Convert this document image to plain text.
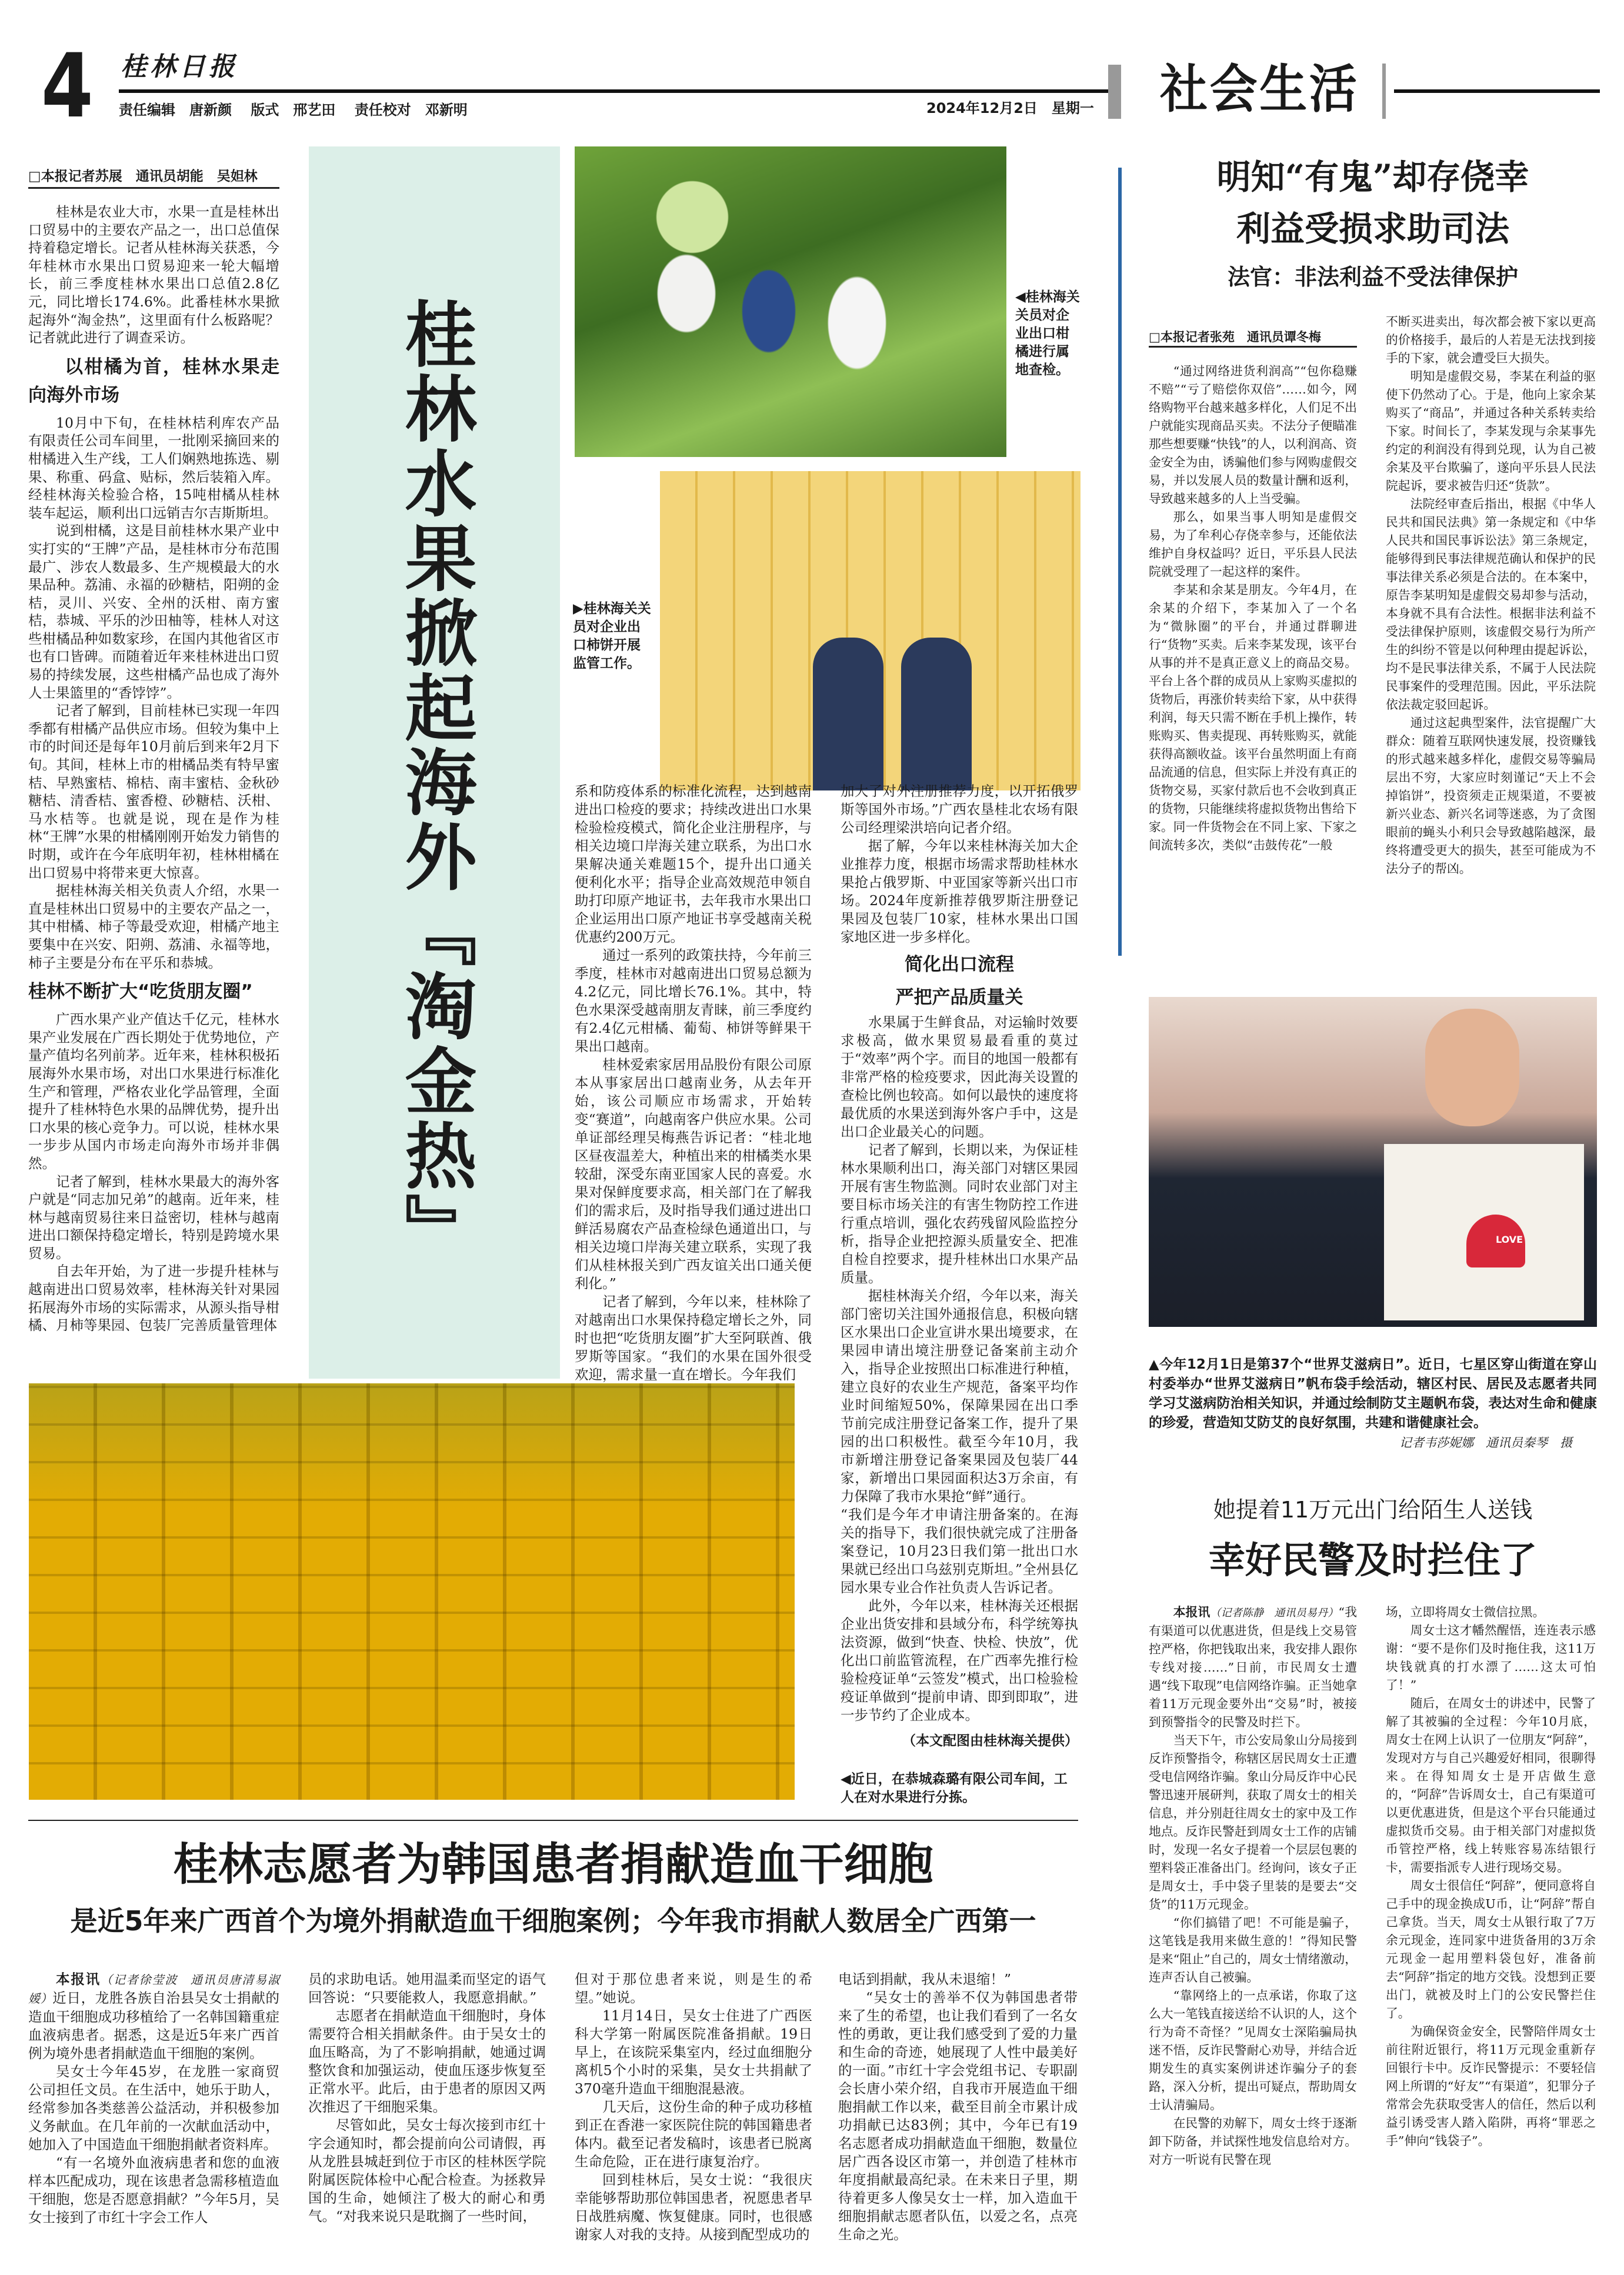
4 桂林日报
责任编辑　唐新颜 版式　邢艺田 责任校对　邓新明	2024年12月2日　星期一 社会生活
□本报记者苏展　通讯员胡能　吴妲林

桂林是农业大市，水果一直是桂林出口贸易中的主要农产品之一，出口总值保持着稳定增长。记者从桂林海关获悉，今年桂林市水果出口贸易迎来一轮大幅增长，前三季度桂林水果出口总值2.8亿元，同比增长174.6%。此番桂林水果掀起海外“淘金热”，这里面有什么板路呢？记者就此进行了调查采访。

以柑橘为首，桂林水果走向海外市场

10月中下旬，在桂林桔利库农产品有限责任公司车间里，一批刚采摘回来的柑橘进入生产线，工人们娴熟地拣选、剔果、称重、码盒、贴标，然后装箱入库。经桂林海关检验合格，15吨柑橘从桂林装车起运，顺利出口远销吉尔吉斯斯坦。

说到柑橘，这是目前桂林水果产业中实打实的“王牌”产品，是桂林市分布范围最广、涉农人数最多、生产规模最大的水果品种。荔浦、永福的砂糖桔，阳朔的金桔，灵川、兴安、全州的沃柑、南方蜜桔，恭城、平乐的沙田柚等，桂林人对这些柑橘品种如数家珍，在国内其他省区市也有口皆碑。而随着近年来桂林进出口贸易的持续发展，这些柑橘产品也成了海外人士果篮里的“香饽饽”。

记者了解到，目前桂林已实现一年四季都有柑橘产品供应市场。但较为集中上市的时间还是每年10月前后到来年2月下旬。其间，桂林上市的柑橘品类有特早蜜桔、早熟蜜桔、棉桔、南丰蜜桔、金秋砂糖桔、清香桔、蜜香橙、砂糖桔、沃柑、马水桔等。也就是说，现在是作为桂林“王牌”水果的柑橘刚刚开始发力销售的时期，或许在今年底明年初，桂林柑橘在出口贸易中将带来更大惊喜。

据桂林海关相关负责人介绍，水果一直是桂林出口贸易中的主要农产品之一，其中柑橘、柿子等最受欢迎，柑橘产地主要集中在兴安、阳朔、荔浦、永福等地，柿子主要是分布在平乐和恭城。

桂林不断扩大“吃货朋友圈”

广西水果产业产值达千亿元，桂林水果产业发展在广西长期处于优势地位，产量产值均名列前茅。近年来，桂林积极拓展海外水果市场，对出口水果进行标准化生产和管理，严格农业化学品管理，全面提升了桂林特色水果的品牌优势，提升出口水果的核心竞争力。可以说，桂林水果一步步从国内市场走向海外市场并非偶然。

记者了解到，桂林水果最大的海外客户就是“同志加兄弟”的越南。近年来，桂林与越南贸易往来日益密切，桂林与越南进出口额保持稳定增长，特别是跨境水果贸易。

自去年开始，为了进一步提升桂林与越南进出口贸易效率，桂林海关针对果园拓展海外市场的实际需求，从源头指导柑橘、月柿等果园、包装厂完善质量管理体

桂林水果掀起海外『淘金热』	◀桂林海关关员对企业出口柑橘进行属地查检。
▶桂林海关关员对企业出口柿饼开展监管工作。

系和防疫体系的标准化流程，达到越南进出口检疫的要求；持续改进出口水果检验检疫模式，简化企业注册程序，与相关边境口岸海关建立联系，为出口水果解决通关难题15个，提升出口通关便利化水平；指导企业高效规范申领自助打印原产地证书，去年我市水果出口企业运用出口原产地证书享受越南关税优惠约200万元。

通过一系列的政策扶持，今年前三季度，桂林市对越南进出口贸易总额为4.2亿元，同比增长76.1%。其中，特色水果深受越南朋友青睐，前三季度约有2.4亿元柑橘、葡萄、柿饼等鲜果干果出口越南。

桂林爱索家居用品股份有限公司原本从事家居出口越南业务，从去年开始，该公司顺应市场需求，开始转变“赛道”，向越南客户供应水果。公司单证部经理吴梅燕告诉记者：“桂北地区昼夜温差大，种植出来的柑橘类水果较甜，深受东南亚国家人民的喜爱。水果对保鲜度要求高，相关部门在了解我们的需求后，及时指导我们通过进出口鲜活易腐农产品查检绿色通道出口，与相关边境口岸海关建立联系，实现了我们从桂林报关到广西友谊关出口通关便利化。”

记者了解到，今年以来，桂林除了对越南出口水果保持稳定增长之外，同时也把“吃货朋友圈”扩大至阿联酋、俄罗斯等国家。“我们的水果在国外很受欢迎，需求量一直在增长。今年我们

加大了对外注册推荐力度，以开拓俄罗斯等国外市场。”广西农垦桂北农场有限公司经理梁洪培向记者介绍。

据了解，今年以来桂林海关加大企业推荐力度，根据市场需求帮助桂林水果抢占俄罗斯、中亚国家等新兴出口市场。2024年度新推荐俄罗斯注册登记果园及包装厂10家，桂林水果出口国家地区进一步多样化。

简化出口流程
严把产品质量关

水果属于生鲜食品，对运输时效要求极高，做水果贸易最看重的莫过于“效率”两个字。而目的地国一般都有非常严格的检疫要求，因此海关设置的查检比例也较高。如何以最快的速度将最优质的水果送到海外客户手中，这是出口企业最关心的问题。

记者了解到，长期以来，为保证桂林水果顺利出口，海关部门对辖区果园开展有害生物监测。同时农业部门对主要目标市场关注的有害生物防控工作进行重点培训，强化农药残留风险监控分析，指导企业把控源头质量安全、把准自检自控要求，提升桂林出口水果产品质量。

据桂林海关介绍，今年以来，海关部门密切关注国外通报信息，积极向辖区水果出口企业宣讲水果出境要求，在果园申请出境注册登记备案前主动介入，指导企业按照出口标准进行种植，建立良好的农业生产规范，备案平均作业时间缩短50%，保障果园在出口季节前完成注册登记备案工作，提升了果园的出口积极性。截至今年10月，我市新增注册登记备案果园及包装厂44家，新增出口果园面积达3万余亩，有力保障了我市水果抢“鲜”通行。

“我们是今年才申请注册备案的。在海关的指导下，我们很快就完成了注册备案登记，10月23日我们第一批出口水果就已经出口乌兹别克斯坦。”全州县亿园水果专业合作社负责人告诉记者。

此外，今年以来，桂林海关还根据企业出货安排和县域分布，科学统筹执法资源，做到“快查、快检、快放”，优化出口前监管流程，在广西率先推行检验检疫证单“云签发”模式，出口检验检疫证单做到“提前申请、即到即取”，进一步节约了企业成本。

（本文配图由桂林海关提供）
◀近日，在恭城森璐有限公司车间，工人在对水果进行分拣。
桂林志愿者为韩国患者捐献造血干细胞
是近5年来广西首个为境外捐献造血干细胞案例；今年我市捐献人数居全广西第一

本报讯（记者徐莹波　通讯员唐清易淑媛）近日，龙胜各族自治县吴女士捐献的造血干细胞成功移植给了一名韩国籍重症血液病患者。据悉，这是近5年来广西首例为境外患者捐献造血干细胞的案例。

吴女士今年45岁，在龙胜一家商贸公司担任文员。在生活中，她乐于助人，经常参加各类慈善公益活动，并积极参加义务献血。在几年前的一次献血活动中，她加入了中国造血干细胞捐献者资料库。

“有一名境外血液病患者和您的血液样本匹配成功，现在该患者急需移植造血干细胞，您是否愿意捐献？”今年5月，吴女士接到了市红十字会工作人

员的求助电话。她用温柔而坚定的语气回答说：“只要能救人，我愿意捐献。”

志愿者在捐献造血干细胞时，身体需要符合相关捐献条件。由于吴女士的血压略高，为了不影响捐献，她通过调整饮食和加强运动，使血压逐步恢复至正常水平。此后，由于患者的原因又两次推迟了干细胞采集。

尽管如此，吴女士每次接到市红十字会通知时，都会提前向公司请假，再从龙胜县城赶到位于市区的桂林医学院附属医院体检中心配合检查。为拯救异国的生命，她倾注了极大的耐心和勇气。“对我来说只是耽搁了一些时间，

但对于那位患者来说，则是生的希望。”她说。

11月14日，吴女士住进了广西医科大学第一附属医院准备捐献。19日早上，在该院采集室内，经过血细胞分离机5个小时的采集，吴女士共捐献了370毫升造血干细胞混悬液。

几天后，这份生命的种子成功移植到正在香港一家医院住院的韩国籍患者体内。截至记者发稿时，该患者已脱离生命危险，正在进行康复治疗。

回到桂林后，吴女士说：“我很庆幸能够帮助那位韩国患者，祝愿患者早日战胜病魔、恢复健康。同时，也很感谢家人对我的支持。从接到配型成功的

电话到捐献，我从未退缩！”

“吴女士的善举不仅为韩国患者带来了生的希望，也让我们看到了一名女性的勇敢，更让我们感受到了爱的力量和生命的奇迹，她展现了人性中最美好的一面。”市红十字会党组书记、专职副会长唐小荣介绍，自我市开展造血干细胞捐献工作以来，截至目前全市累计成功捐献已达83例；其中，今年已有19名志愿者成功捐献造血干细胞，数量位居广西各设区市第一，并创造了桂林市年度捐献最高纪录。在未来日子里，期待着更多人像吴女士一样，加入造血干细胞捐献志愿者队伍，以爱之名，点亮生命之光。

明知“有鬼”却存侥幸
利益受损求助司法
法官：非法利益不受法律保护
□本报记者张苑　通讯员谭冬梅

“通过网络进货利润高”“包你稳赚不赔”“亏了赔偿你双倍”……如今，网络购物平台越来越多样化，人们足不出户就能实现商品买卖。不法分子便瞄准那些想要赚“快钱”的人，以利润高、资金安全为由，诱骗他们参与网购虚假交易，并以发展人员的数量计酬和返利，导致越来越多的人上当受骗。

那么，如果当事人明知是虚假交易，为了牟利心存侥幸参与，还能依法维护自身权益吗？近日，平乐县人民法院就受理了一起这样的案件。

李某和余某是朋友。今年4月，在余某的介绍下，李某加入了一个名为“微脉圈”的平台，并通过群聊进行“货物”买卖。后来李某发现，该平台从事的并不是真正意义上的商品交易。平台上各个群的成员从上家购买虚拟的货物后，再涨价转卖给下家，从中获得利润，每天只需不断在手机上操作，转账购买、售卖提现、再转账购买，就能获得高额收益。该平台虽然明面上有商品流通的信息，但实际上并没有真正的货物交易，买家付款后也不会收到真正的货物，只能继续将虚拟货物出售给下家。同一件货物会在不同上家、下家之间流转多次，类似“击鼓传花”一般

不断买进卖出，每次都会被下家以更高的价格接手，最后的人若是无法找到接手的下家，就会遭受巨大损失。

明知是虚假交易，李某在利益的驱使下仍然动了心。于是，他向上家余某购买了“商品”，并通过各种关系转卖给下家。时间长了，李某发现与余某事先约定的利润没有得到兑现，认为自己被余某及平台欺骗了，遂向平乐县人民法院起诉，要求被告归还“货款”。

法院经审查后指出，根据《中华人民共和国民法典》第一条规定和《中华人民共和国民事诉讼法》第三条规定，能够得到民事法律规范确认和保护的民事法律关系必须是合法的。在本案中，原告李某明知是虚假交易却参与活动，本身就不具有合法性。根据非法利益不受法律保护原则，该虚假交易行为所产生的纠纷不管是以何种理由提起诉讼，均不是民事法律关系，不属于人民法院民事案件的受理范围。因此，平乐法院依法裁定驳回起诉。

通过这起典型案件，法官提醒广大群众：随着互联网快速发展，投资赚钱的形式越来越多样化，虚假交易等骗局层出不穷，大家应时刻谨记“天上不会掉馅饼”，投资须走正规渠道，不要被新兴业态、新兴名词等迷惑，为了贪图眼前的蝇头小利只会导致越陷越深，最终将遭受更大的损失，甚至可能成为不法分子的帮凶。

LOVE
▲今年12月1日是第37个“世界艾滋病日”。近日，七星区穿山街道在穿山村委举办“世界艾滋病日”帆布袋手绘活动，辖区村民、居民及志愿者共同学习艾滋病防治相关知识，并通过绘制防艾主题帆布袋，表达对生命和健康的珍爱，营造知艾防艾的良好氛围，共建和谐健康社会。
记者韦莎妮娜　通讯员秦琴　摄
她提着11万元出门给陌生人送钱
幸好民警及时拦住了

本报讯（记者陈静　通讯员易丹）“我有渠道可以优惠进货，但是线上交易管控严格，你把钱取出来，我安排人跟你专线对接……”日前，市民周女士遭遇“线下取现”电信网络诈骗。正当她拿着11万元现金要外出“交易”时，被接到预警指令的民警及时拦下。

当天下午，市公安局象山分局接到反诈预警指令，称辖区居民周女士正遭受电信网络诈骗。象山分局反诈中心民警迅速开展研判，获取了周女士的相关信息，并分别赶往周女士的家中及工作地点。反诈民警赶到周女士工作的店铺时，发现一名女子提着一个层层包裹的塑料袋正准备出门。经询问，该女子正是周女士，手中袋子里装的是要去“交货”的11万元现金。

“你们搞错了吧！不可能是骗子，这笔钱是我用来做生意的！”得知民警是来“阻止”自己的，周女士情绪激动，连声否认自己被骗。

“靠网络上的一点承诺，你取了这么大一笔钱直接送给不认识的人，这个行为奇不奇怪？”见周女士深陷骗局执迷不悟，反诈民警耐心劝导，并结合近期发生的真实案例讲述诈骗分子的套路，深入分析，提出可疑点，帮助周女士认清骗局。

在民警的劝解下，周女士终于逐渐卸下防备，并试探性地发信息给对方。对方一听说有民警在现

场，立即将周女士微信拉黑。

周女士这才幡然醒悟，连连表示感谢：“要不是你们及时拖住我，这11万块钱就真的打水漂了……这太可怕了！”

随后，在周女士的讲述中，民警了解了其被骗的全过程：今年10月底，周女士在网上认识了一位朋友“阿辞”，发现对方与自己兴趣爱好相同，很聊得来。在得知周女士是开店做生意的，“阿辞”告诉周女士，自己有渠道可以更优惠进货，但是这个平台只能通过虚拟货币交易。由于相关部门对虚拟货币管控严格，线上转账容易冻结银行卡，需要指派专人进行现场交易。

周女士很信任“阿辞”，便同意将自己手中的现金换成U币，让“阿辞”帮自己拿货。当天，周女士从银行取了7万余元现金，连同家中进货备用的3万余元现金一起用塑料袋包好，准备前去“阿辞”指定的地方交钱。没想到正要出门，就被及时上门的公安民警拦住了。

为确保资金安全，民警陪伴周女士前往附近银行，将11万元现金重新存回银行卡中。反诈民警提示：不要轻信网上所谓的“好友”“有渠道”，犯罪分子常常会先获取受害人的信任，然后以利益引诱受害人踏入陷阱，再将“罪恶之手”伸向“钱袋子”。
